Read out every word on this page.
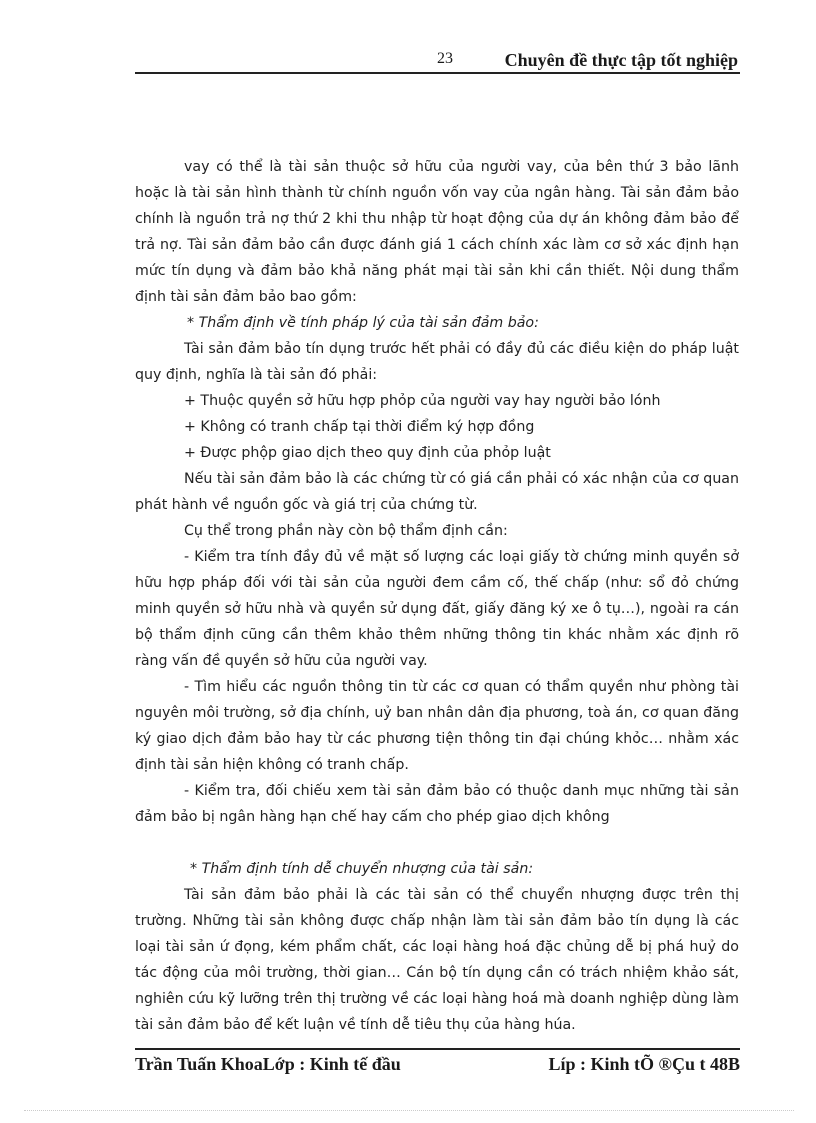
23	Chuyên đề thực tập tốt nghiệp

vay có thể là tài sản thuộc sở hữu của người vay, của bên thứ 3 bảo lãnh hoặc là tài sản hình thành từ chính nguồn vốn vay của ngân hàng. Tài sản đảm bảo chính là nguồn trả nợ thứ 2 khi thu nhập từ hoạt động của dự án không đảm bảo để trả nợ. Tài sản đảm bảo cần được đánh giá 1 cách chính xác làm cơ sở xác định hạn mức tín dụng và đảm bảo khả năng phát mại tài sản khi cần thiết. Nội dung thẩm định tài sản đảm bảo bao gồm:

* Thẩm định về tính pháp lý của tài sản đảm bảo:

Tài sản đảm bảo tín dụng trước hết phải có đầy đủ các điều kiện do pháp luật quy định, nghĩa là tài sản đó phải:

+ Thuộc quyền sở hữu hợp phỏp của người vay hay người bảo lónh

+ Không có tranh chấp tại thời điểm ký hợp đồng

+ Được phộp giao dịch theo quy định của phỏp luật

Nếu tài sản đảm bảo là các chứng từ có giá cần phải có xác nhận của cơ quan phát hành về nguồn gốc và giá trị của chứng từ.

Cụ thể trong phần này còn bộ thẩm định cần:

- Kiểm tra tính đầy đủ về mặt số lượng các loại giấy tờ chứng minh quyền sở hữu hợp pháp đối với tài sản của người đem cầm cố, thế chấp (như: sổ đỏ chứng minh quyền sở hữu nhà và quyền sử dụng đất, giấy đăng ký xe ô tụ…), ngoài ra cán bộ thẩm định cũng cần thêm khảo thêm những thông tin khác nhằm xác định rõ ràng vấn đề quyền sở hữu của người vay.

- Tìm hiểu các nguồn thông tin từ các cơ quan có thẩm quyền như phòng tài nguyên môi trường, sở địa chính, uỷ ban nhân dân địa phương, toà án, cơ quan đăng ký giao dịch đảm bảo hay từ các phương tiện thông tin đại chúng khỏc… nhằm xác định tài sản hiện không có tranh chấp.

- Kiểm tra, đối chiếu xem tài sản đảm bảo có thuộc danh mục những tài sản đảm bảo bị ngân hàng hạn chế hay cấm cho phép giao dịch không

* Thẩm định tính dễ chuyển nhượng của tài sản:

Tài sản đảm bảo phải là các tài sản có thể chuyển nhượng được trên thị trường. Những tài sản không được chấp nhận làm tài sản đảm bảo tín dụng là các loại tài sản ứ đọng, kém phẩm chất, các loại hàng hoá đặc chủng dễ bị phá huỷ do tác động của môi trường, thời gian… Cán bộ tín dụng cần có trách nhiệm khảo sát, nghiên cứu kỹ lưỡng trên thị trường về các loại hàng hoá mà doanh nghiệp dùng làm tài sản đảm bảo để kết luận về tính dễ tiêu thụ của hàng húa.

Trần Tuấn KhoaLớp : Kinh tế đầu	Líp : Kinh tÕ ®Çu t 48B
